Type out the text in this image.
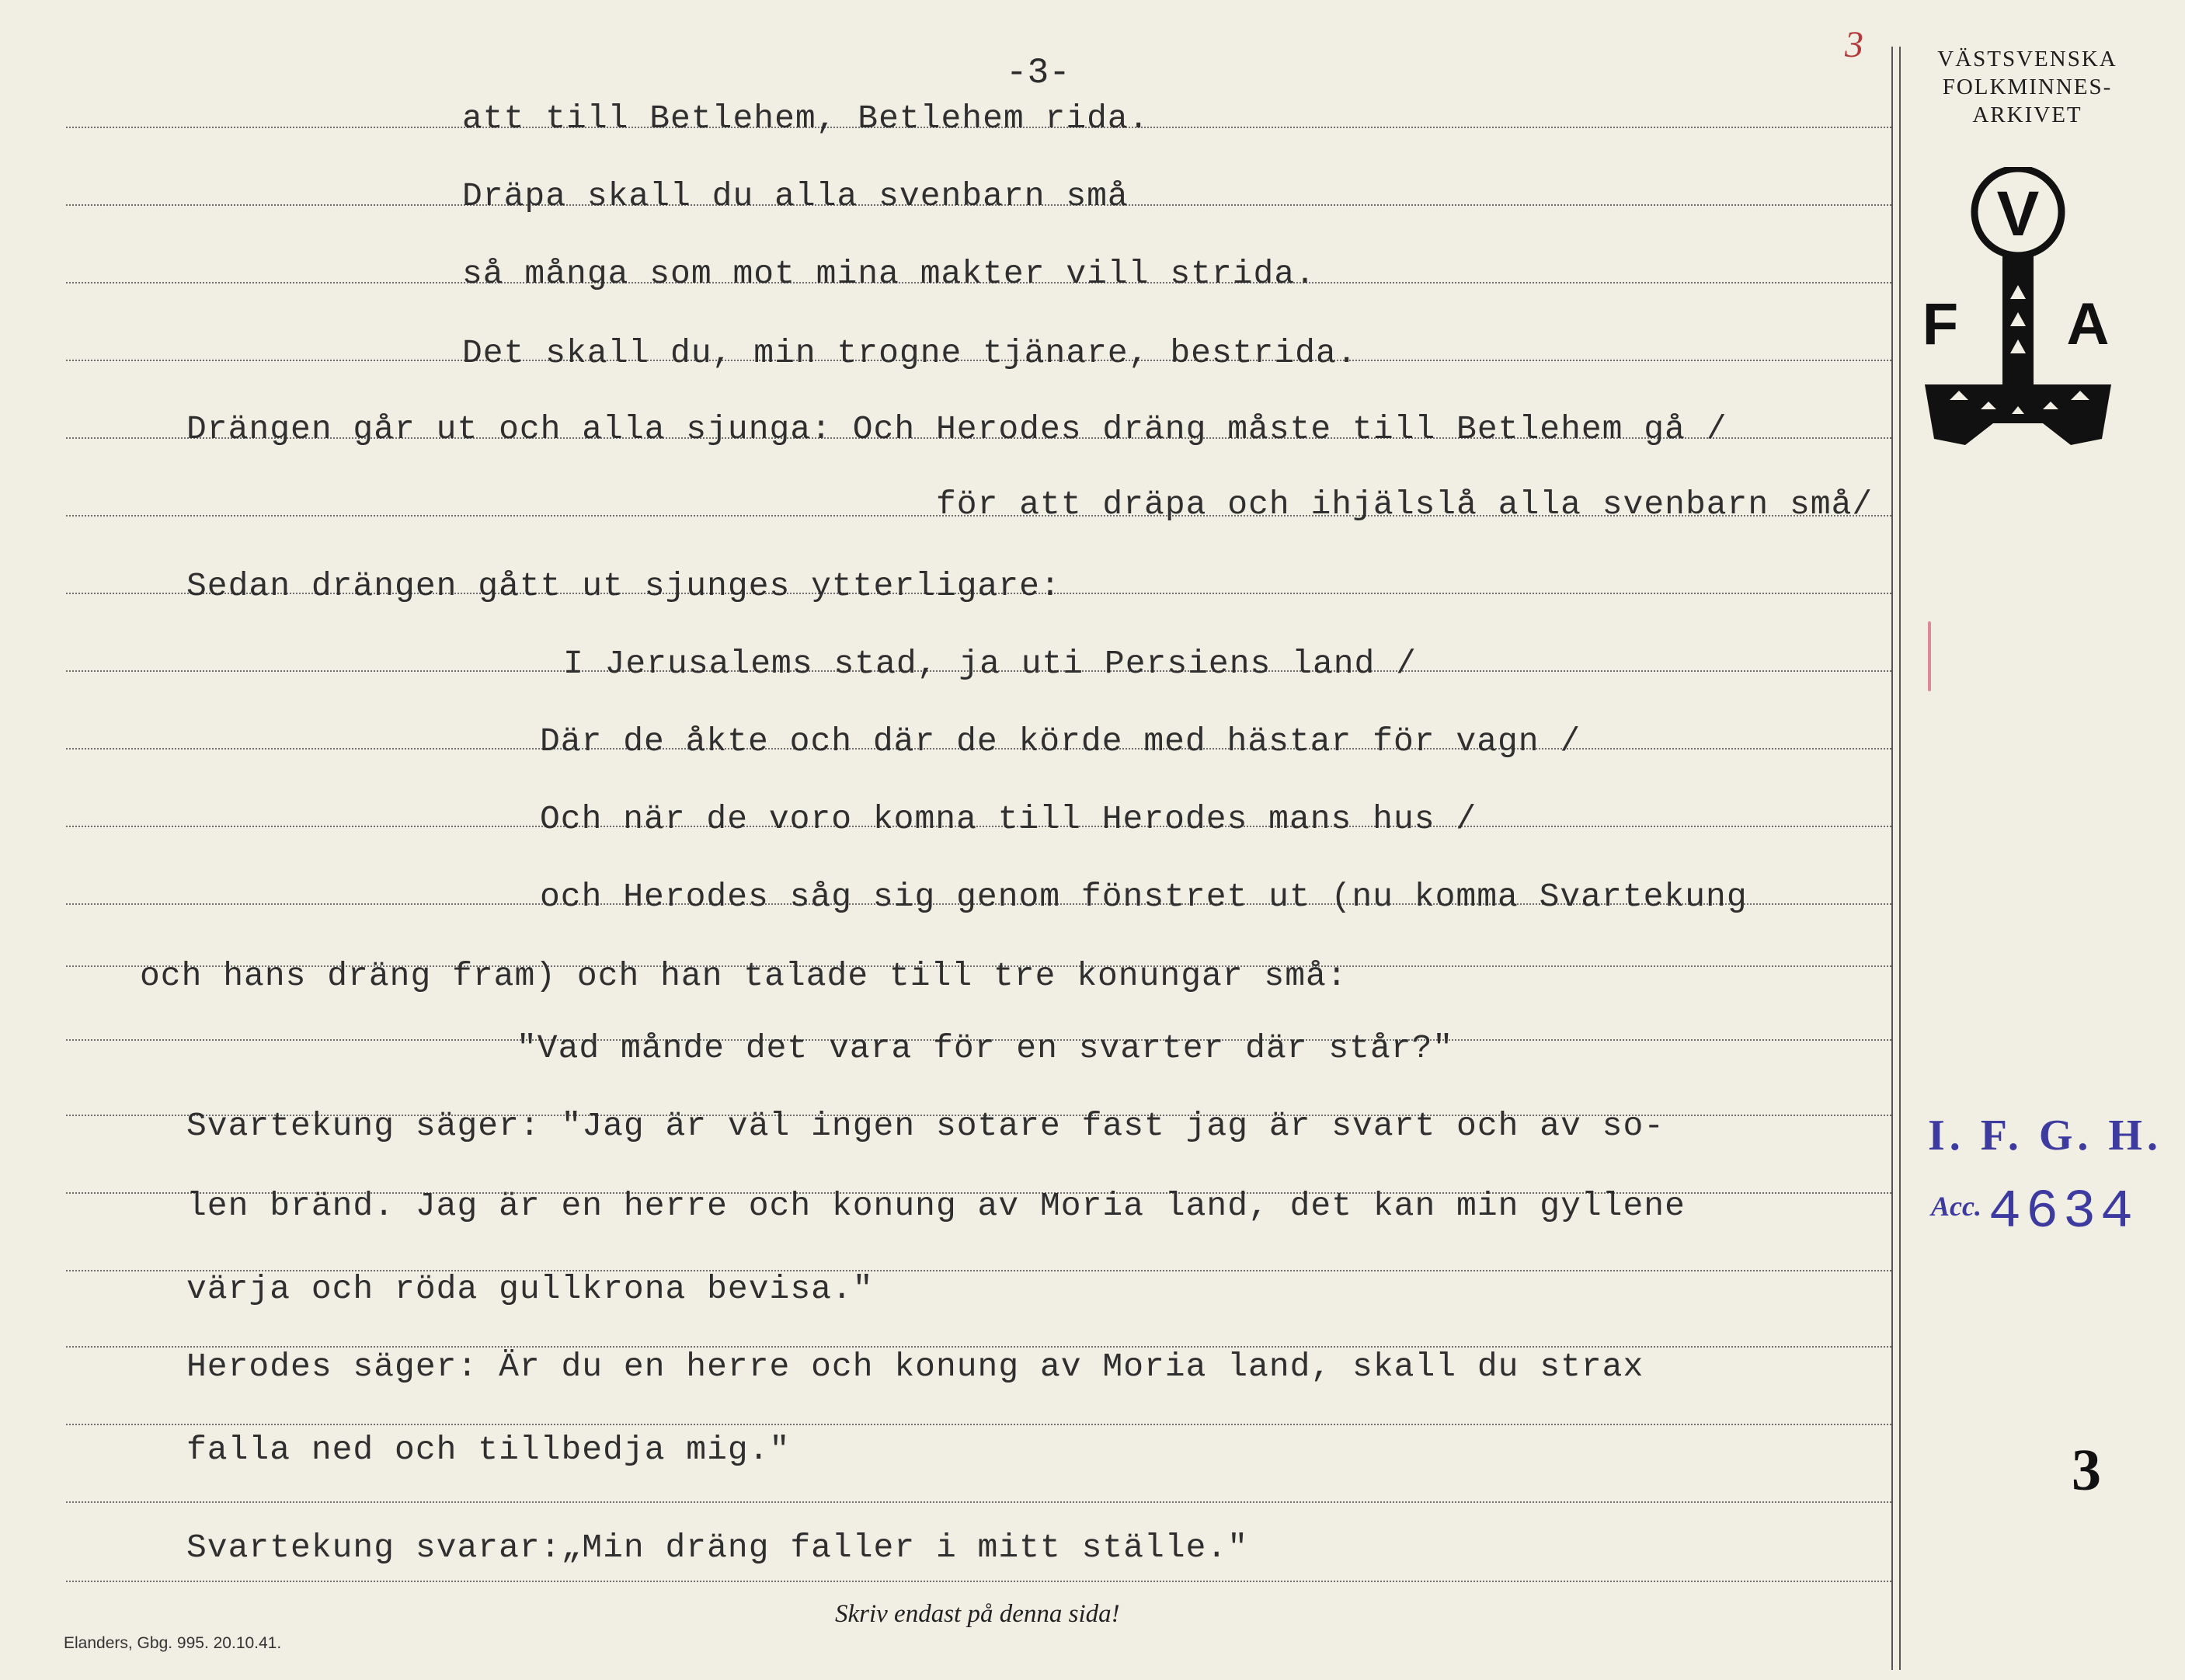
-3-
att till Betlehem, Betlehem rida.
Dräpa skall du alla svenbarn små
så många som mot mina makter vill strida.
Det skall du, min trogne tjänare, bestrida.
Drängen går ut och alla sjunga: Och Herodes dräng måste till Betlehem gå /
för att dräpa och ihjälslå alla svenbarn små/
Sedan drängen gått ut sjunges ytterligare:
I Jerusalems stad, ja uti Persiens land /
Där de åkte och där de körde med hästar för vagn /
Och när de voro komna till Herodes mans hus /
och Herodes såg sig genom fönstret ut (nu komma Svartekung
och hans dräng fram) och han talade till tre konungar små:
"Vad månde det vara för en svarter där står?"
Svartekung säger: "Jag är väl ingen sotare fast jag är svart och av so-
len bränd. Jag är en herre och konung av Moria land, det kan min gyllene
värja och röda gullkrona bevisa."
Herodes säger: Är du en herre och konung av Moria land, skall du strax
falla ned och tillbedja mig."
Svartekung svarar:„Min dräng faller i mitt ställe."
VÄSTSVENSKA
FOLKMINNES-
ARKIVET
3
V
F A
I. F. G. H.
Acc. 4634
3
Skriv endast på denna sida!
Elanders, Gbg. 995. 20.10.41.
